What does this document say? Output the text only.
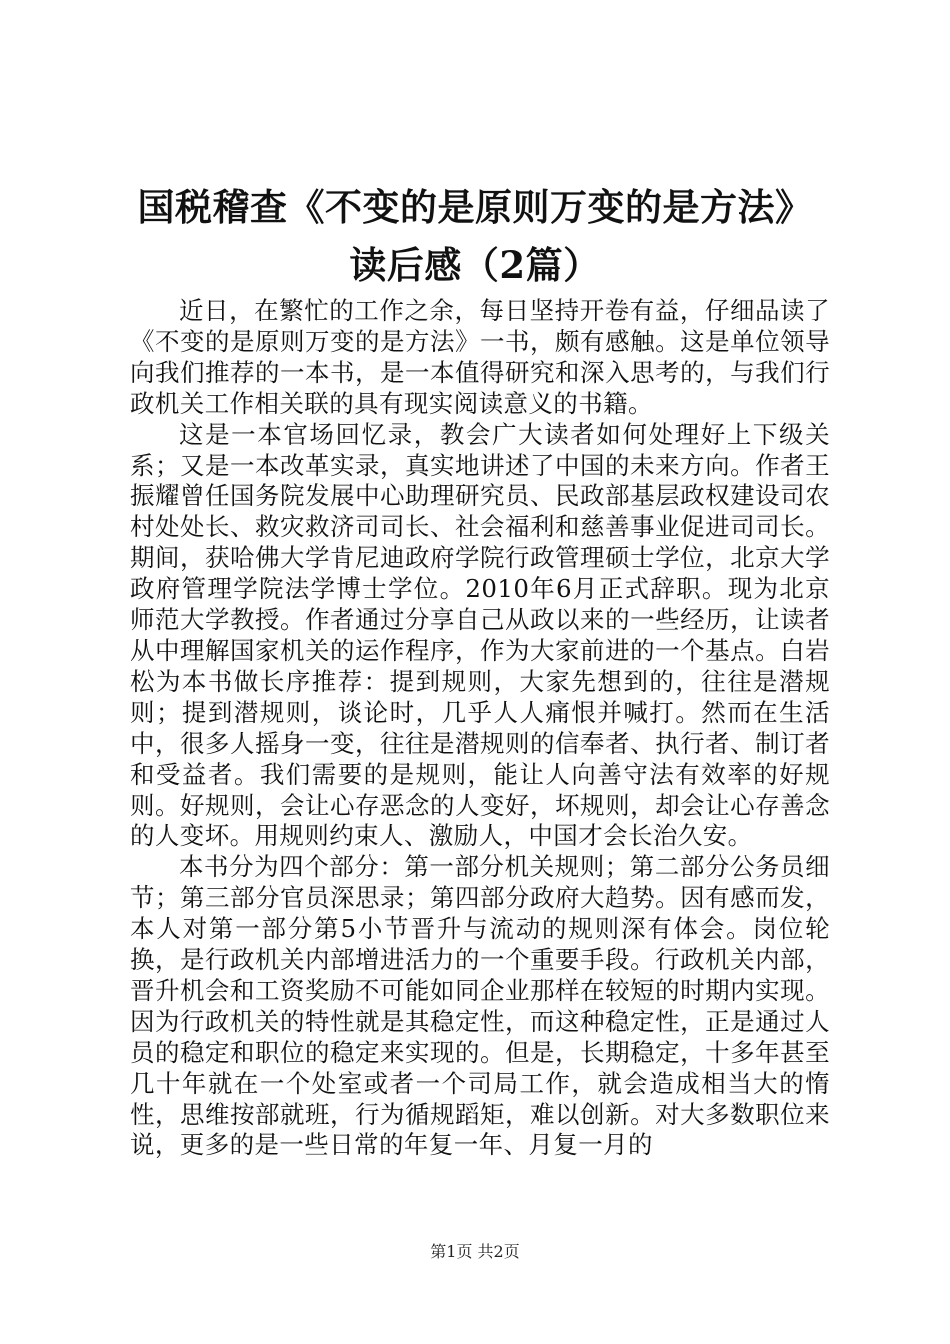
国税稽查《不变的是原则万变的是方法》读后感（2篇）

近日，在繁忙的工作之余，每日坚持开卷有益，仔细品读了《不变的是原则万变的是方法》一书，颇有感触。这是单位领导向我们推荐的一本书，是一本值得研究和深入思考的，与我们行政机关工作相关联的具有现实阅读意义的书籍。

这是一本官场回忆录，教会广大读者如何处理好上下级关系；又是一本改革实录，真实地讲述了中国的未来方向。作者王振耀曾任国务院发展中心助理研究员、民政部基层政权建设司农村处处长、救灾救济司司长、社会福利和慈善事业促进司司长。期间，获哈佛大学肯尼迪政府学院行政管理硕士学位，北京大学政府管理学院法学博士学位。2010年6月正式辞职。现为北京师范大学教授。作者通过分享自己从政以来的一些经历，让读者从中理解国家机关的运作程序，作为大家前进的一个基点。白岩松为本书做长序推荐：提到规则，大家先想到的，往往是潜规则；提到潜规则，谈论时，几乎人人痛恨并喊打。然而在生活中，很多人摇身一变，往往是潜规则的信奉者、执行者、制订者和受益者。我们需要的是规则，能让人向善守法有效率的好规则。好规则，会让心存恶念的人变好，坏规则，却会让心存善念的人变坏。用规则约束人、激励人，中国才会长治久安。

本书分为四个部分：第一部分机关规则；第二部分公务员细节；第三部分官员深思录；第四部分政府大趋势。因有感而发，本人对第一部分第5小节晋升与流动的规则深有体会。岗位轮换，是行政机关内部增进活力的一个重要手段。行政机关内部，晋升机会和工资奖励不可能如同企业那样在较短的时期内实现。因为行政机关的特性就是其稳定性，而这种稳定性，正是通过人员的稳定和职位的稳定来实现的。但是，长期稳定，十多年甚至几十年就在一个处室或者一个司局工作，就会造成相当大的惰性，思维按部就班，行为循规蹈矩，难以创新。对大多数职位来说，更多的是一些日常的年复一年、月复一月的

第1页 共2页
